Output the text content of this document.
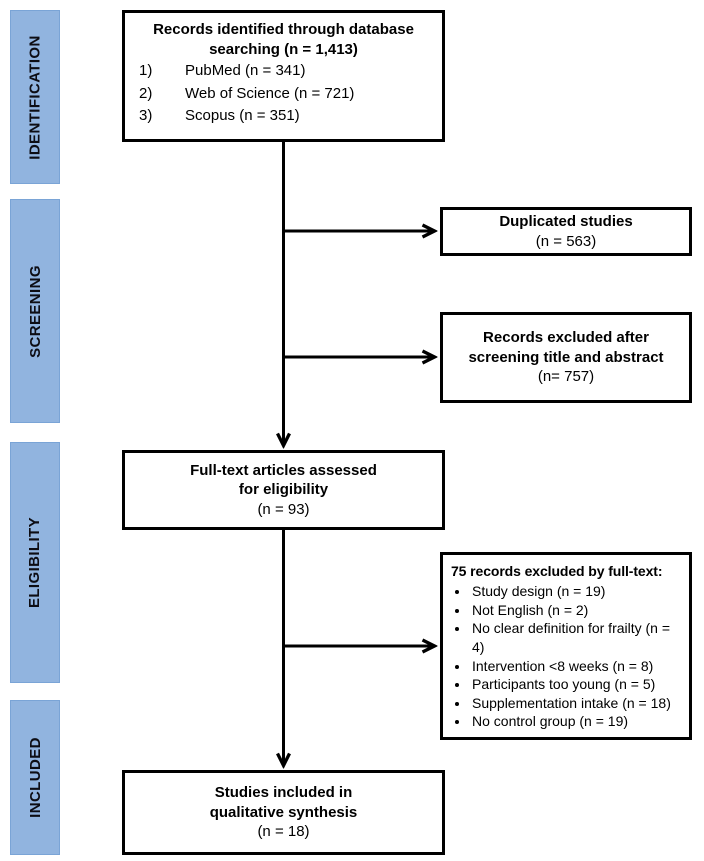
IDENTIFICATION
SCREENING
ELIGIBILITY
INCLUDED
Records identified through database searching (n = 1,413)
1)	PubMed (n = 341)
2)	Web of Science (n = 721)
3)	Scopus (n = 351)
Duplicated studies
(n = 563)
Records excluded after screening title and abstract
(n= 757)
Full-text articles assessed for eligibility
(n = 93)
75 records excluded by full-text:
• Study design (n = 19)
• Not English (n = 2)
• No clear definition for frailty (n = 4)
• Intervention <8 weeks (n = 8)
• Participants too young (n = 5)
• Supplementation intake (n = 18)
• No control group (n = 19)
Studies included in qualitative synthesis
(n = 18)
